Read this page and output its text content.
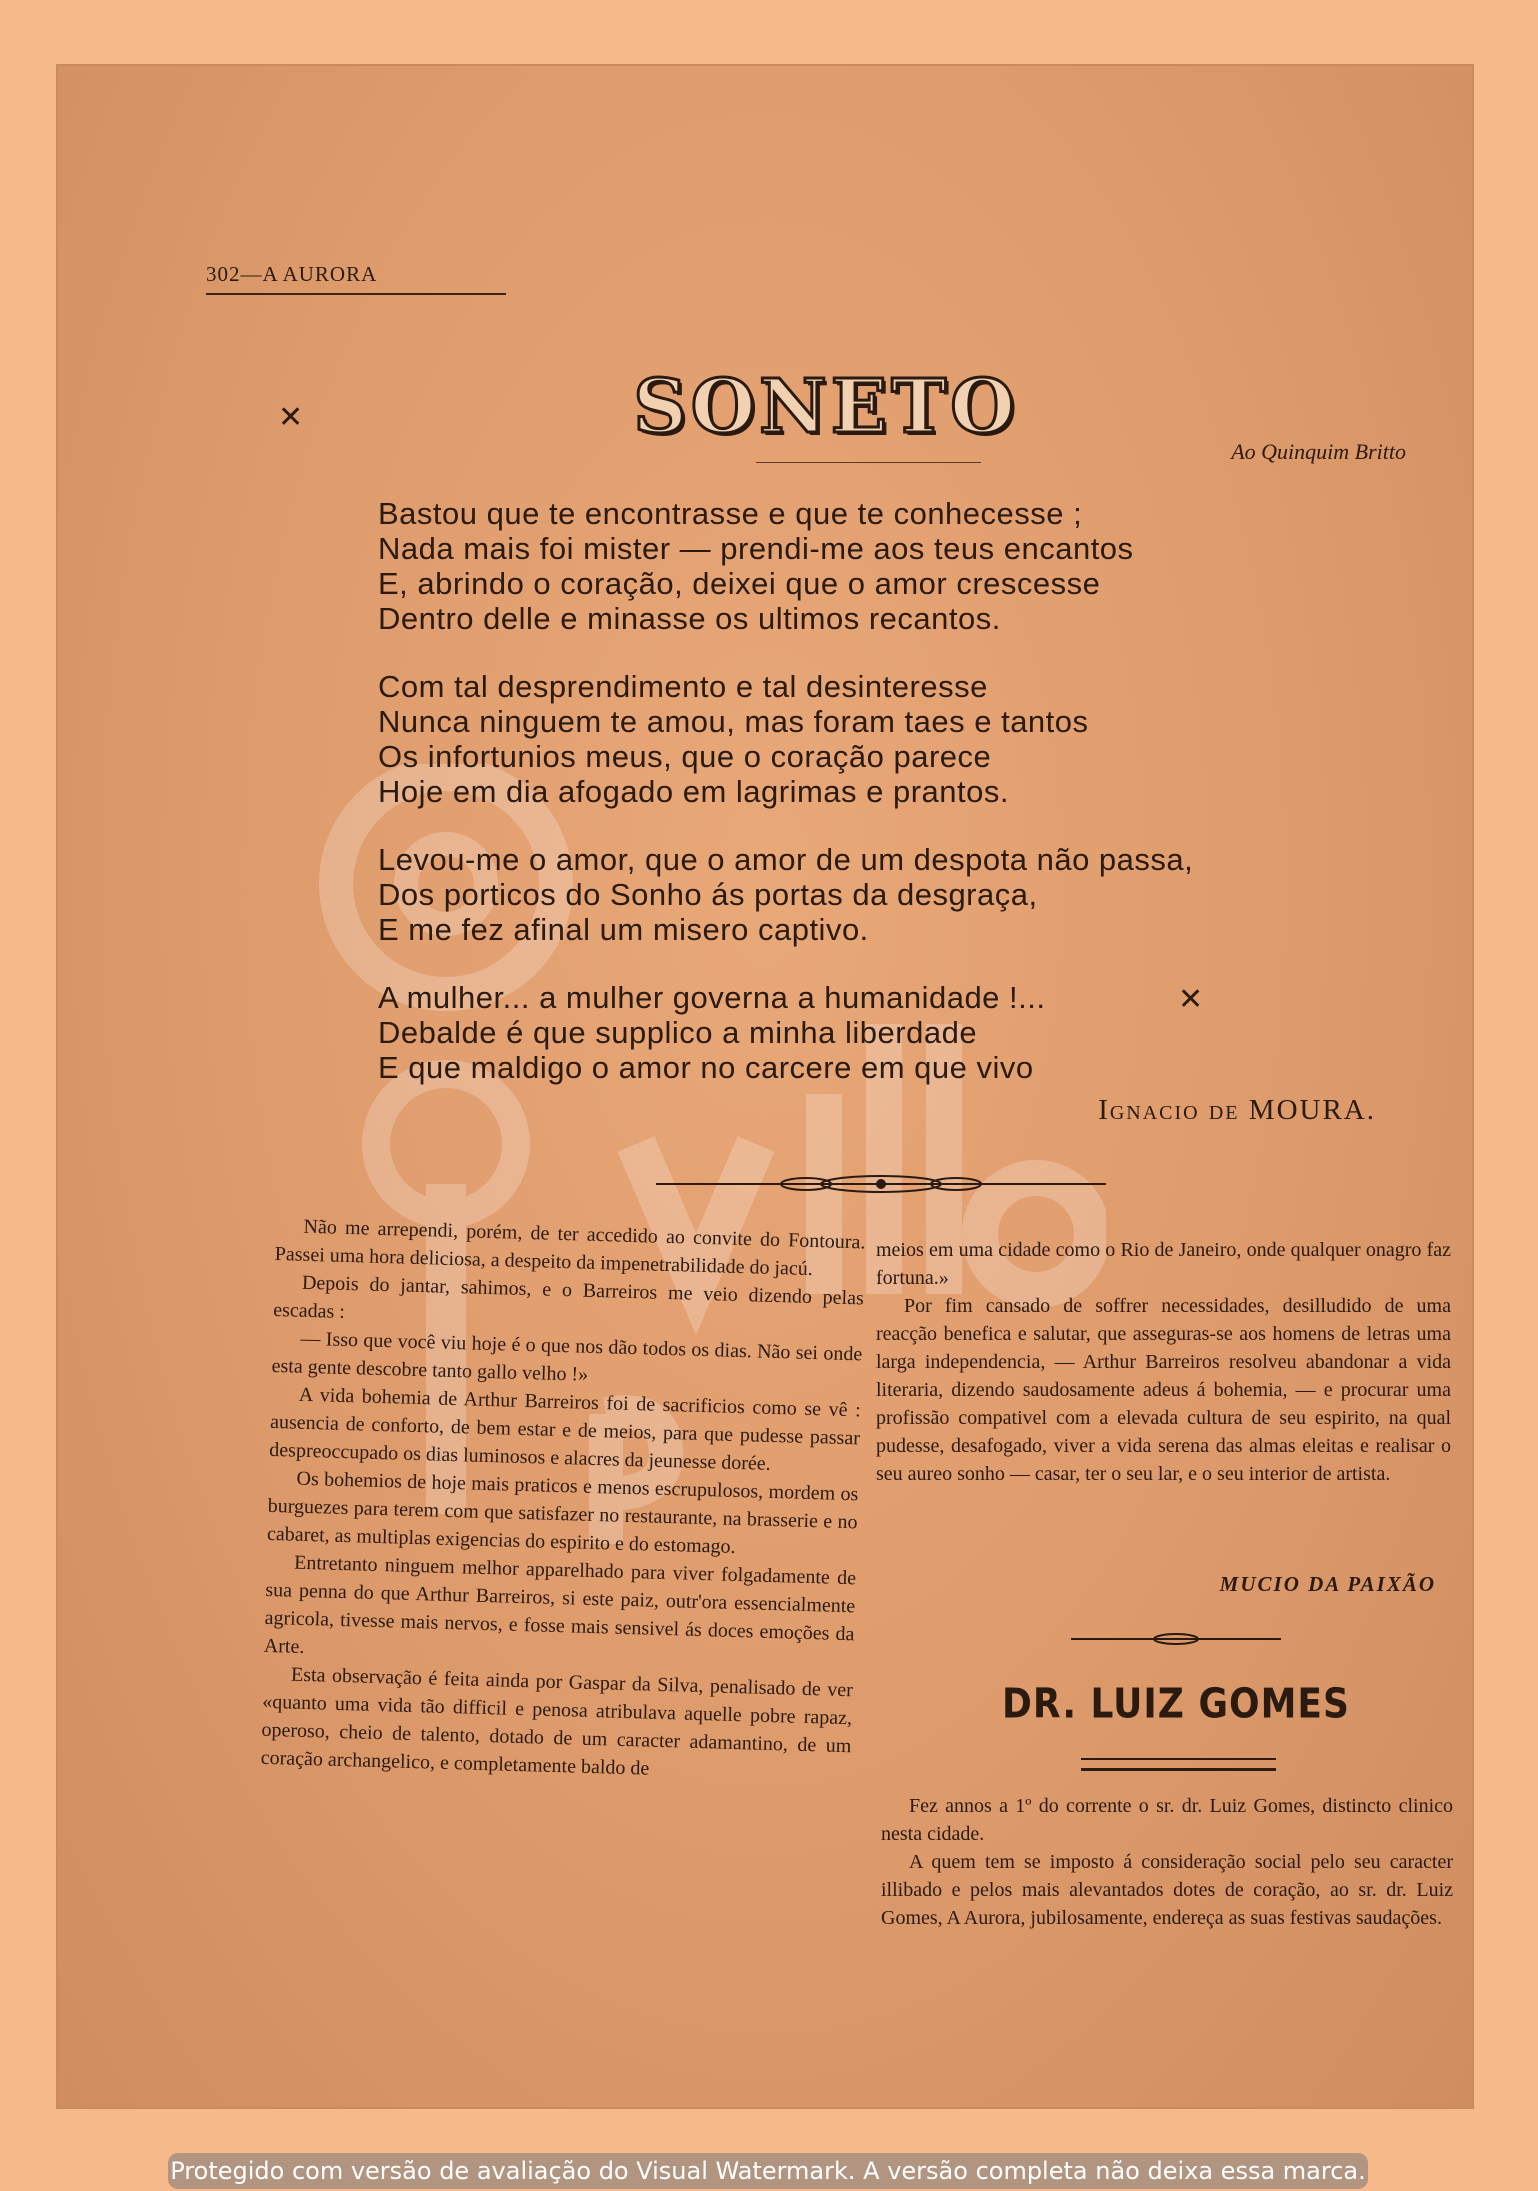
302—A AURORA
SONETO
Ao Quinquim Britto
✕
✕
Bastou que te encontrasse e que te conhecesse ;
Nada mais foi mister — prendi-me aos teus encantos
E, abrindo o coração, deixei que o amor crescesse
Dentro delle e minasse os ultimos recantos.
Com tal desprendimento e tal desinteresse
Nunca ninguem te amou, mas foram taes e tantos
Os infortunios meus, que o coração parece
Hoje em dia afogado em lagrimas e prantos.
Levou-me o amor, que o amor de um despota não passa,
Dos porticos do Sonho ás portas da desgraça,
E me fez afinal um misero captivo.
A mulher... a mulher governa a humanidade !...
Debalde é que supplico a minha liberdade
E que maldigo o amor no carcere em que vivo
Ignacio de MOURA.

Não me arrependi, porém, de ter accedido ao convite do Fontoura. Passei uma hora deliciosa, a despeito da impenetrabilidade do jacú.

Depois do jantar, sahimos, e o Barreiros me veio dizendo pelas escadas :

— Isso que você viu hoje é o que nos dão todos os dias. Não sei onde esta gente descobre tanto gallo velho !»

A vida bohemia de Arthur Barreiros foi de sacrificios como se vê : ausencia de conforto, de bem estar e de meios, para que pudesse passar despreoccupado os dias luminosos e alacres da jeunesse dorée.

Os bohemios de hoje mais praticos e menos escrupulosos, mordem os burguezes para terem com que satisfazer no restaurante, na brasserie e no cabaret, as multiplas exigencias do espirito e do estomago.

Entretanto ninguem melhor apparelhado para viver folgadamente de sua penna do que Arthur Barreiros, si este paiz, outr'ora essencialmente agricola, tivesse mais nervos, e fosse mais sensivel ás doces emoções da Arte.

Esta observação é feita ainda por Gaspar da Silva, penalisado de ver «quanto uma vida tão difficil e penosa atribulava aquelle pobre rapaz, operoso, cheio de talento, dotado de um caracter adamantino, de um coração archangelico, e completamente baldo de

meios em uma cidade como o Rio de Janeiro, onde qualquer onagro faz fortuna.»

Por fim cansado de soffrer necessidades, desilludido de uma reacção benefica e salutar, que asseguras-se aos homens de letras uma larga independencia, — Arthur Barreiros resolveu abandonar a vida literaria, dizendo saudosamente adeus á bohemia, — e procurar uma profissão compativel com a elevada cultura de seu espirito, na qual pudesse, desafogado, viver a vida serena das almas eleitas e realisar o seu aureo sonho — casar, ter o seu lar, e o seu interior de artista.

MUCIO DA PAIXÃO
DR. LUIZ GOMES

Fez annos a 1º do corrente o sr. dr. Luiz Gomes, distincto clinico nesta cidade.

A quem tem se imposto á consideração social pelo seu caracter illibado e pelos mais alevantados dotes de coração, ao sr. dr. Luiz Gomes, A Aurora, jubilosamente, endereça as suas festivas saudações.

Protegido com versão de avaliação do Visual Watermark. A versão completa não deixa essa marca.
